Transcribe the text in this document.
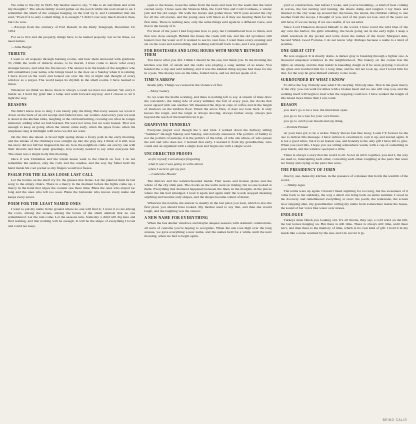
We came to the city in 1945. My mother used to say, “I like to sit and think and write my thoughts.” The whole family would gather on the porch while she read aloud to us. I remember the smell of the oranges hanging on the wall by it, and I remember that she said, “Even if it is only a small thing, it is enough.” I didn’t care very much about it then, but I do now.

—Excerpt from the obituary of Earl Russell in the Daily Telegraph, December 19, 1954

For us to live and die properly, things have to be named properly. Let us be three, we need names.

—Julie Berger

TRIBUTE

I went to all requests through burning rooms, and bear them answered with gratitude. To climb the walls of miracle stacks, to be mortal, I have come to know what every stranger knows, and what the fire knows. The answer is in the hands of the neighbor who still remembers your name, who brings bread to the door on a Sunday when it is raining. I have stood on the roofs and looked out over the city at night and thought of every window as a prayer. The world keeps its rhythm in the small rooms. I have learned to listen.

Whatever we think we know, there is always a room we have not entered. We carry it inside us. I hold my grief like a lamp and walk forward anyway, and I choose to let it light the way.

REASONS

We didn’t know how to sing. I can barely play the thing. But every season we wrote it down on the back of an old receipt and folded it into our wallets. And every year we read it aloud at the kitchen table, laughing at the old handwriting, crossing out what no longer mattered, adding what we had learned. We were not wise, but we were honest. That was enough to keep us going when the winter came early, when the pipes froze, when the telephone rang at midnight with news we did not want.

On the lists she ahead. A broad light spring shone a frosty path in the early morning, and the smoke of the chimneys rose straight up into the grey sky. I think of it still, how the snow did not fall but lingered in the air, how the neighbors came out one by one with their shovels and their quiet greetings, how nobody needed to say what everyone felt. The street was a single body that morning.

Once it was Christmas and the whole house went to the church on foot. I do not remember the sermon, only the cold, and the candles, and the way my father held my hand inside his coat pocket so my fingers would not freeze.

PSALM FOR THE GLASS LOOSE LAST CALL

Let the bottles on the shelf cry for the glasses that broke. Let the jukebox hum its last song to the empty chairs. There is a mercy in the moment before the lights come up, a mercy in the hand that wipes the counter one more time. Bless the ones who stayed too long and the ones who left too soon. Bless the bartender who knows every name and keeps every secret.

POEM FOR THE LEAST NAMED ONES

I want to put my name in the ground where no one will find it. I want it to rest among the roots, among the stones, among the bones of the small animals that no one remembered. Let the rain come. Let the seasons turn. Someday a child will dig here and find nothing, and that nothing will be enough. It will be the shape of everything I loved and could not keep.

open to the house, loose the ashes from the nests and look for the seeds that the wind carried away. I have seen the Western Man, the Cold War and Cold Coldness, a winter jam and the old songs. We walk the streets and gather there. We’ll pass around the city for all the old stories, and the young ones will listen as if they are hearing them for the first time. There is nothing new, only the same things said again in a different voice, and that is the beauty of it.

For most of the years I had forgotten how to pray, but I remembered how to listen, and that was close enough. Behind the house the creek still ran, and the old sycamore still leaned over the water as if it wanted to see its own face. I went there every evening and sat on the roots and said nothing, and nothing said itself back to me, and I was grateful.

FOR HOSTESSES AND LONG HOURS WITH MONEY BETWEEN THEM

You know what you did. I think I should be the one, but thank you. In the morning the kitchen was full of steam and the radio was playing a song neither of us knew. You handed me a cup and said nothing, and it was the kindest thing anyone had done for me in a year. The money was on the table, folded twice, and we did not speak of it.

TIME’S ARROW

Inside jelly. Things we created in the violence of fire.

—Mary Gentry

So we want the maths working, and there is nothing left to say. A stream of lines drew the concentric, the rising tide of every summer, the fall of every year, the clocks that never agreed with one another. We measured the days in cups of coffee and in the length of shadows on the kitchen floor. When the arrow flies, it does not look back. It only knows the target, and the target is always moving, always farther away, always just beyond the reach of the hand that let it go.

GRAPEVINE TENDERLY

Everyone played cool though the v and trick. I walked down the hallway telling “Summer” through Sunday and Sunday, and nobody answered. The politics of family is not the politics of nations; it is the politics of the table, of who sits where, of who passes the salt and who does not. I learned that early. I learned it from my grandmother, who could end an argument with a single look and begin one with a single word.

UNCORRECTED PROOFS

as for myself, I am always forgetting

what it was I was going to write about

when I went to get my pen

—Catherine Hunter

The mirrors and the windowboarded inside. That noses and license plates and the whole of the city slide past. The clocks on the walls went on ticking, but no one looked at them. Everything that mattered happened between the lines, in the margins, in the places where the ink had smudged. I read it again and again until the words stopped meaning anything and became only shapes, and the shapes became a kind of music.

Whatever the trouble, the answer is usually in the last place you look, which is also the first place you should have looked. My mother used to say that, and then she would laugh, and the laughing was the answer.

A NEW NAME FOR EVERYTHING

When the bus shelter windows and maybe deepest seasons with domestic celebrations, all sorts of customs you’re hoping to recognize. When the sun rose high over the long avenue, we gave everything a new name, and the names held for a while, until the next morning, when we had to begin again.

yard or construction. Just before I woke, and you’re breathing—a kind of heat coming in waves, the fan turning and turning, the sheets damp and tangled. I lay there and listened to the city wake up around me: the buses, the sirens, the children calling to one another from the stoops. I thought of you, and of the years we lost, and of the years we still have, if we are lucky, if we are careful, if we are kind.

Since Lord Tinkerton showed himself to the world, I have loved the wild blue of the sky over the harbor, the gulls wheeling, the boats going out in the early light. I keep a small notebook in my pocket and write down the names of the boats: Margaret Ann, Second Wind, Good Fortune. I do not know why. Perhaps because a name is a kind of promise.

ONE GREAT CITY

He was stopped. It is mostly dome. A darker gray is breaking through a lighter one. A thousand unspoken windows in the neighborhood. The bakery on the corner has the lights on already, and the man inside is kneading dough as if he were praying. I stood at the glass and watched him for a long time, and he did not look up, and I loved him for that, for the way he gave himself entirely to the work.

SURROUNDED BY WHAT I KNOW

To drive the fog. Nobody sees what I’m carrying. Nobody asks. That is the great mercy of the city: you can walk for miles with a broken heart and no one will stop you, and the walking itself will begin to heal what the stopping could not. I have walked the length of this island more times than I can count.

REASON

you don’t go to be a tree. the mud must open.

you go to be a tree for your own future.

you go to catch your breath and say thing.

—Patrick Finnan

At your best got to be a writer. Nancy moves fast like Greg, Louis I’ll forever be the one to deliver this message. I have written it, rewritten it, torn it up, and started again. It is not a good letter, but it is an honest one, and honesty is the only gift I have left to give. When you read this, I hope you are sitting somewhere warm, with a cup of something in your hands, and the window open just a little.

There is always a story that the world is all. So let us tell it together, you and I, the way we used to, interrupting each other, correcting each other, laughing at the parts that were not funny and crying at the parts that were.

THE PRESIDENCY OF JUBIN

One by one, make my kitchen, in the presence of a manner that holds the warmth of the world.

—Jimmy Ages

The terms were up again. I haven’t liked anything for too long, but the sweetness of it came back to me suddenly, the way a smell can bring back an entire summer. I stood in the doorway and remembered everything at once: the porch, the lemonade, the screen door slapping shut, my grandmother calling my name from somewhere inside the house, the sound of her voice like water over stones.

ENDLOGUE

Turkeys must finish you looking old. It’s all thorns, they say, a cold wind on the hill, the last leaves hanging on. But there is still time. There is always still time, until there isn’t, and then there is the memory of time, which is its own kind of gift. I hold it in my hands like a stone warmed by the sun, and I do not let it go.

BEING CALIS
